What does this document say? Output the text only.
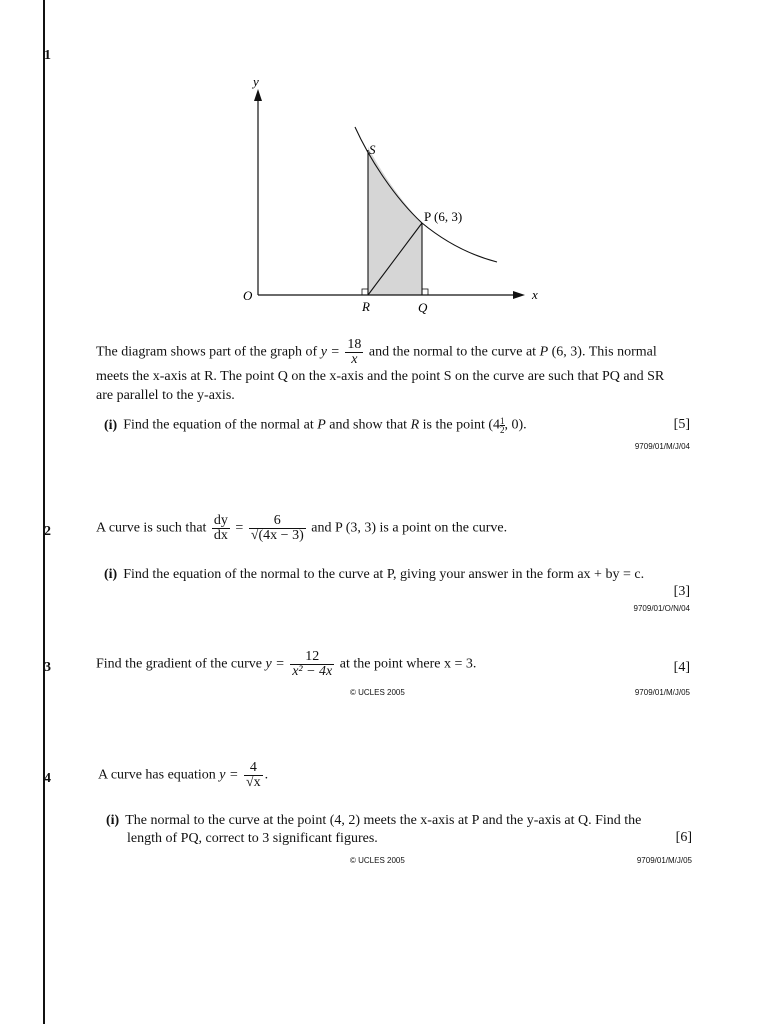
1
y
x
O
S
P (6, 3)
R	Q
The diagram shows part of the graph of $y = \frac{18}{x}$ and the normal to the curve at P (6, 3). This normal
meets the x-axis at R. The point Q on the x-axis and the point S on the curve are such that PQ and SR
are parallel to the y-axis.
(i) Find the equation of the normal at P and show that R is the point ($4\frac{1}{2}$ , 0).	[5]
9709/01/M/J/04
2	A curve is such that $\frac{dy}{dx} = \frac{6}{√(4x - 3)}$ and P (3, 3) is a point on the curve.
(i) Find the equation of the normal to the curve at P, giving your answer in the form ax + by = c.
[3]
9709/01/O/N/04
3	Find the gradient of the curve $y = \frac{12}{\text{x² − 4x}}$ at the point where x = 3.	[4]
© UCLES 2005	9709/01/M/J/05
4	A curve has equation $y = \frac{4}{√x}$ .
(i) The normal to the curve at the point (4, 2) meets the x-axis at P and the y-axis at Q. Find the
length of PQ, correct to 3 significant figures.	[6]
© UCLES 2005	9709/01/M/J/05
